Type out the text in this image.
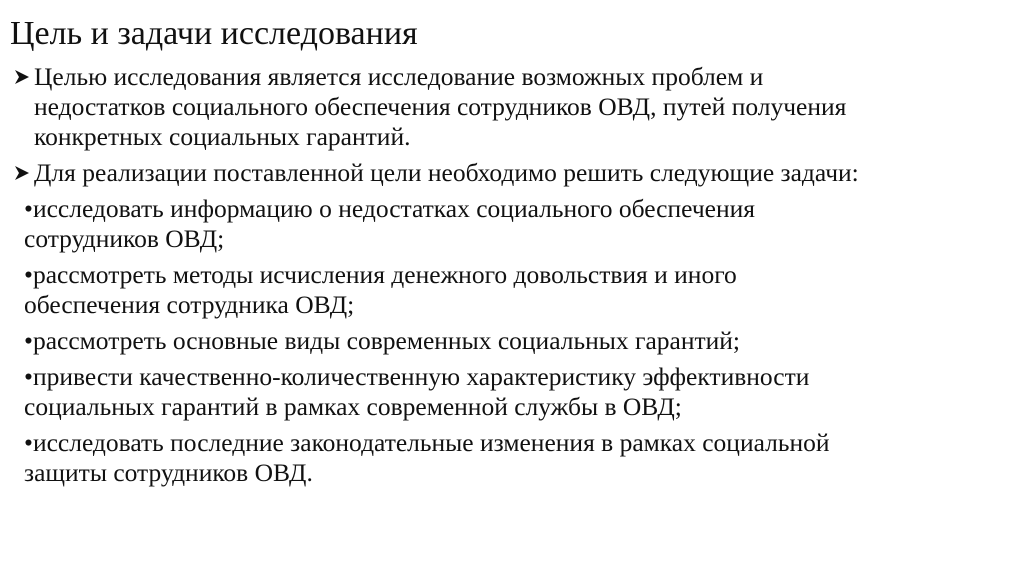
Цель и задачи исследования
Целью исследования является исследование возможных проблем и
недостатков социального обеспечения сотрудников ОВД, путей получения
конкретных социальных гарантий.
Для реализации поставленной цели необходимо решить следующие задачи:
• исследовать информацию о недостатках социального обеспечения
сотрудников ОВД;
• рассмотреть методы исчисления денежного довольствия и иного
обеспечения сотрудника ОВД;
• рассмотреть основные виды современных социальных гарантий;
• привести качественно-количественную характеристику эффективности
социальных гарантий в рамках современной службы в ОВД;
• исследовать последние законодательные изменения в рамках социальной
защиты сотрудников ОВД.
